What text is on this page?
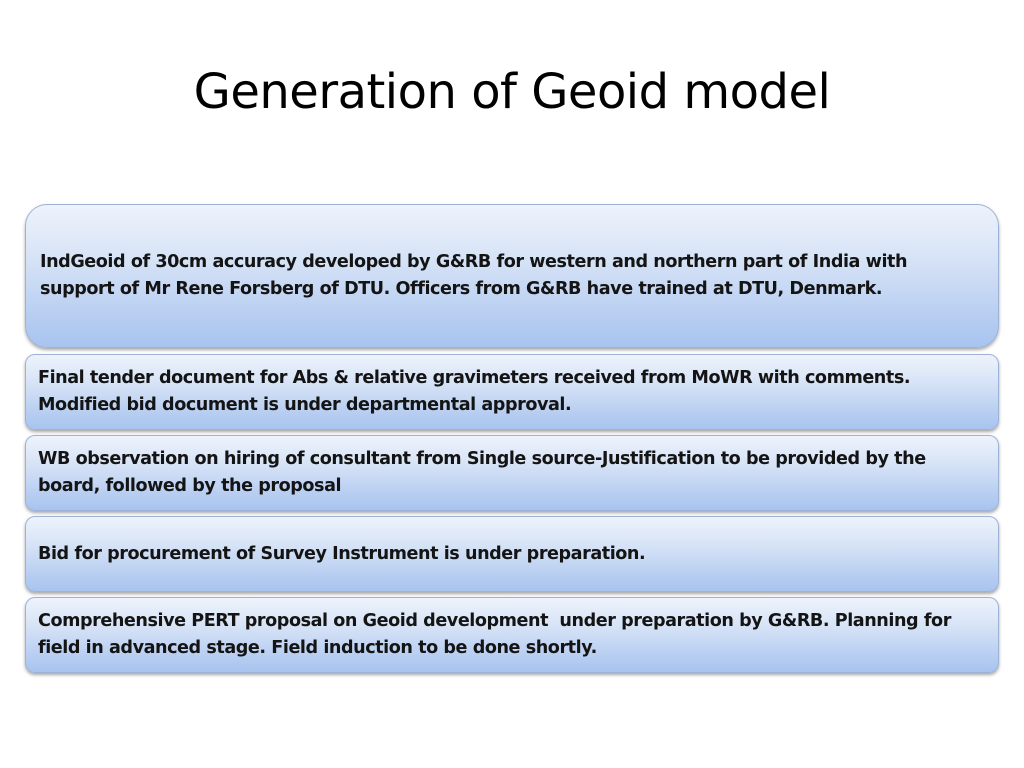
Generation of Geoid model
IndGeoid of 30cm accuracy developed by G&RB for western and northern part of India with support of Mr Rene Forsberg of DTU. Officers from G&RB have trained at DTU, Denmark.
Final tender document for Abs & relative gravimeters received from MoWR with comments. Modified bid document is under departmental approval.
WB observation on hiring of consultant from Single source-Justification to be provided by the board, followed by the proposal
Bid for procurement of Survey Instrument is under preparation.
Comprehensive PERT proposal on Geoid development  under preparation by G&RB. Planning for field in advanced stage. Field induction to be done shortly.
